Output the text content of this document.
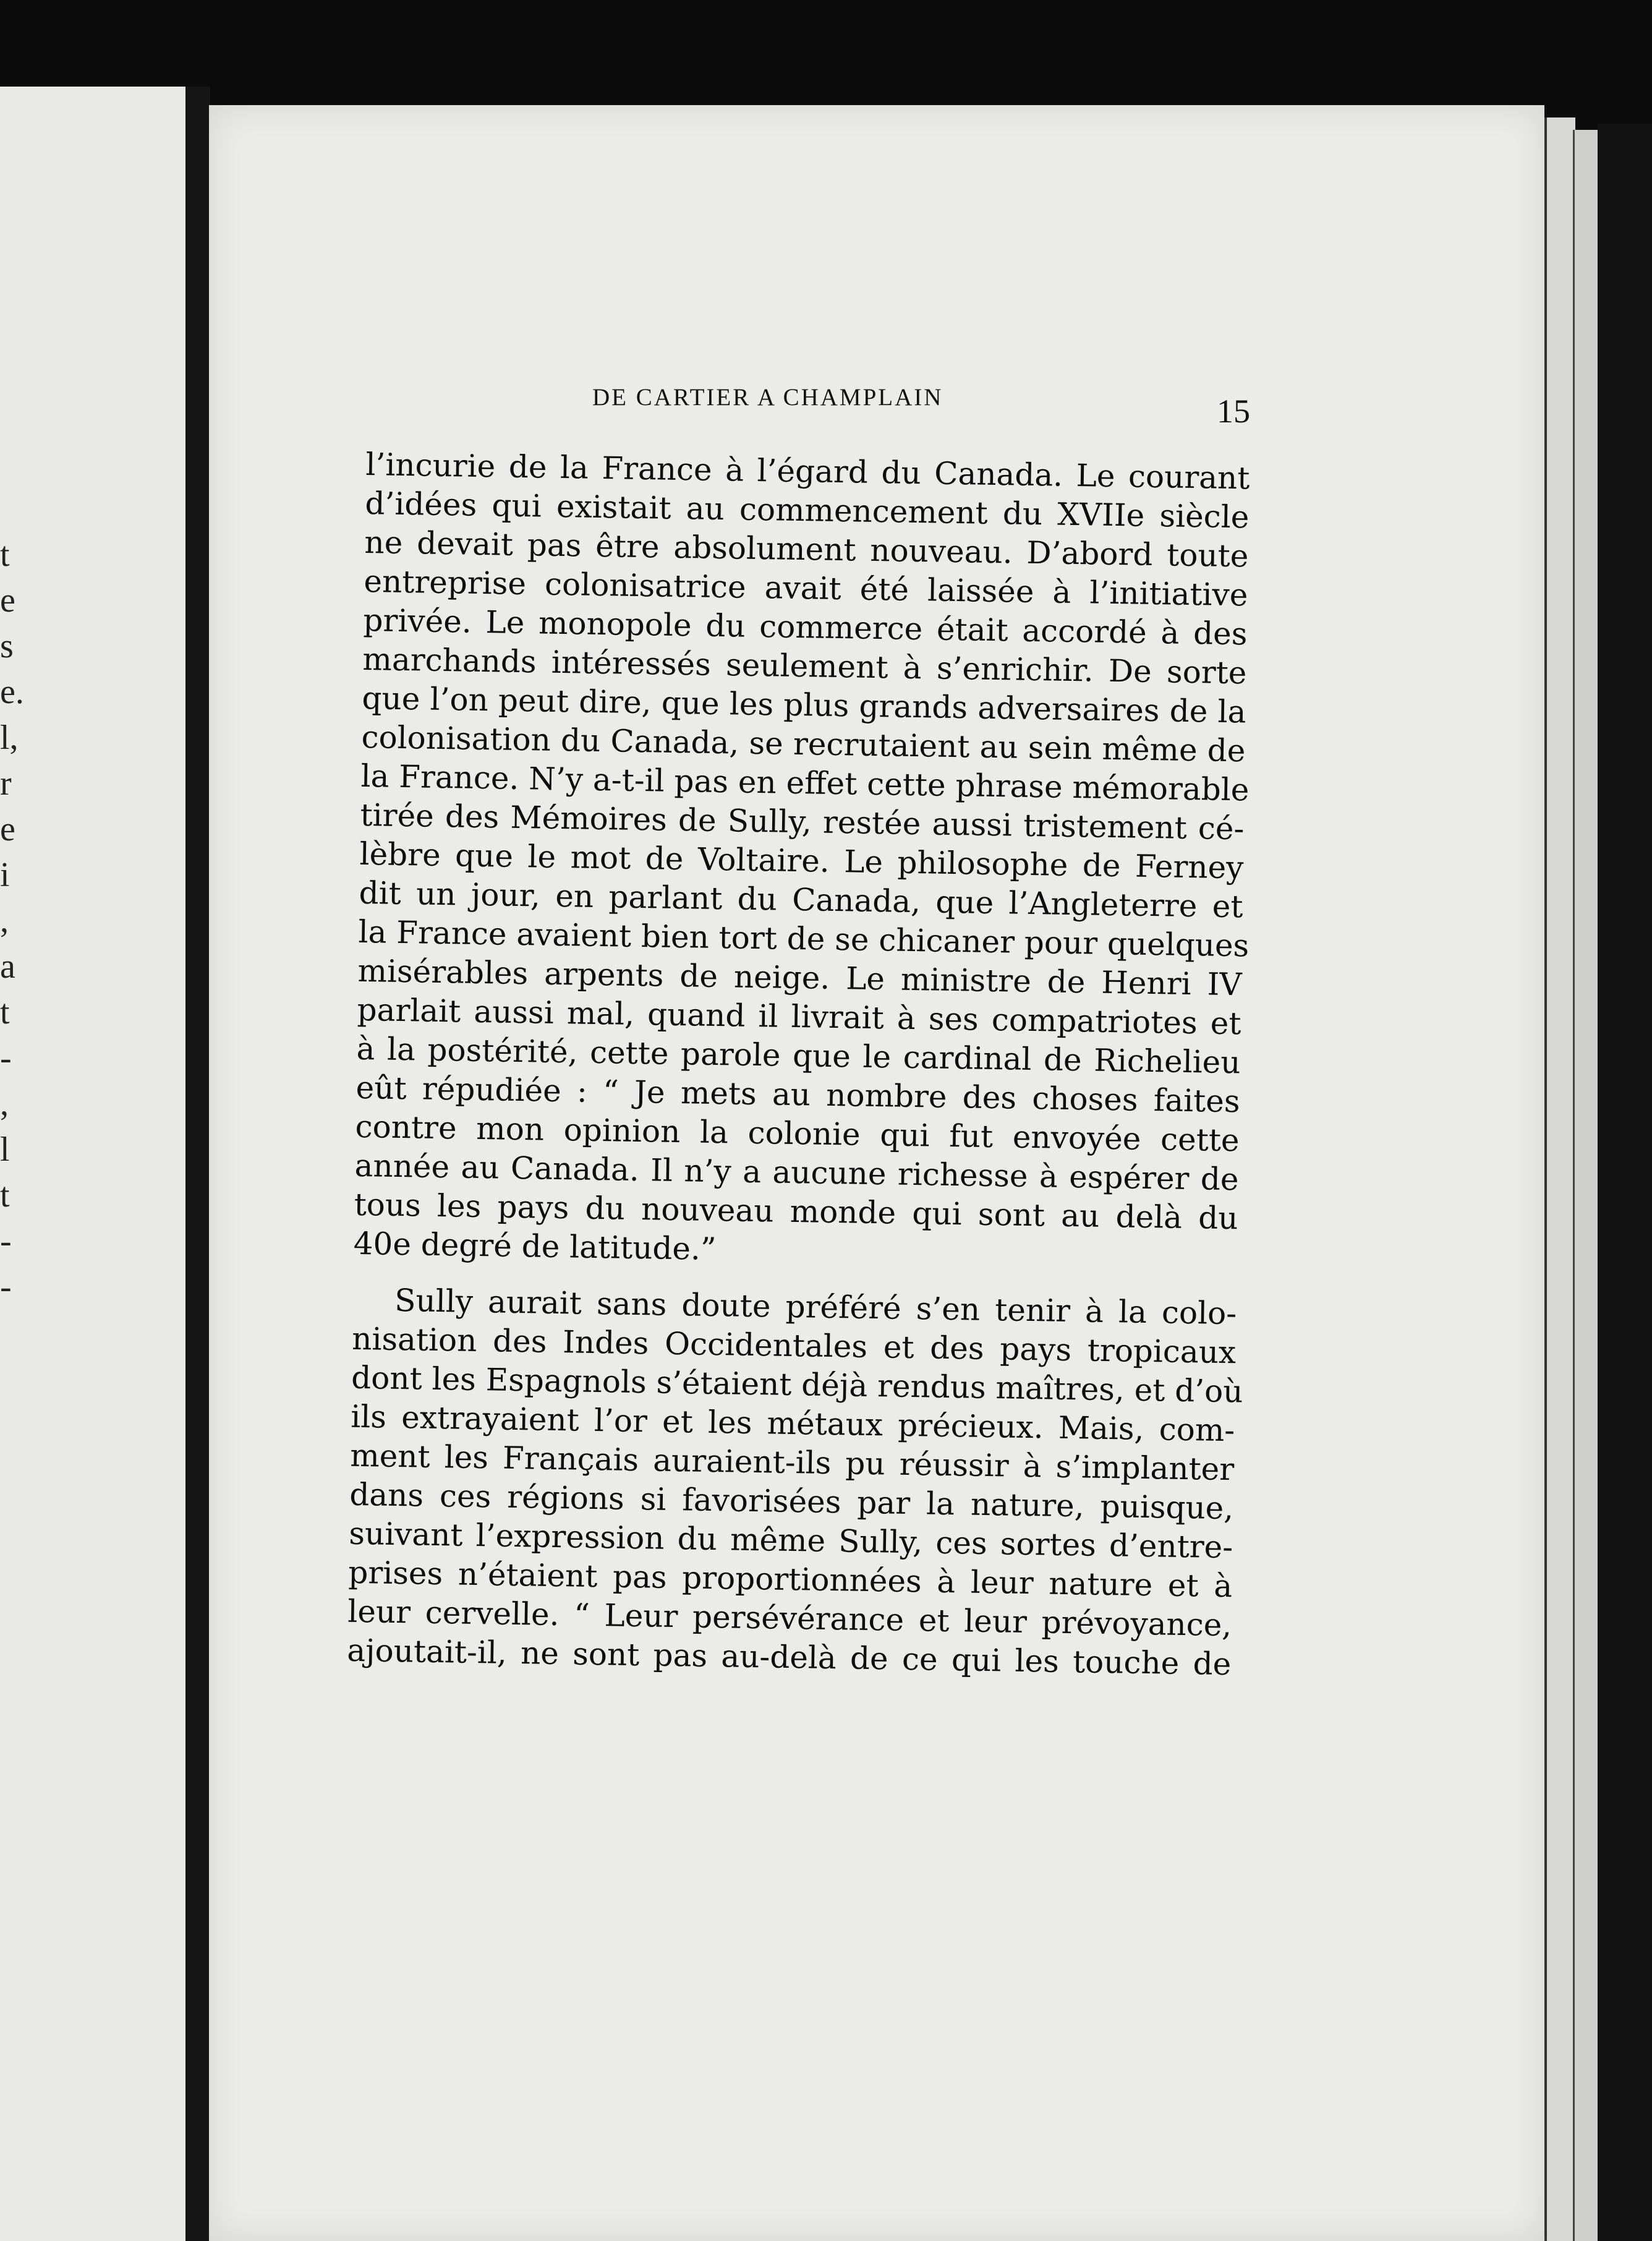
t
e
s
e.
l,
r
e
i
,
a
t
-
,
l
t
-
-
DE CARTIER A CHAMPLAIN	15
l’incurie de la France à l’égard du Canada. Le courant
d’idées qui existait au commencement du XVIIe siècle
ne devait pas être absolument nouveau. D’abord toute
entreprise colonisatrice avait été laissée à l’initiative
privée. Le monopole du commerce était accordé à des
marchands intéressés seulement à s’enrichir. De sorte
que l’on peut dire, que les plus grands adversaires de la
colonisation du Canada, se recrutaient au sein même de
la France. N’y a-t-il pas en effet cette phrase mémorable
tirée des Mémoires de Sully, restée aussi tristement cé-
lèbre que le mot de Voltaire. Le philosophe de Ferney
dit un jour, en parlant du Canada, que l’Angleterre et
la France avaient bien tort de se chicaner pour quelques
misérables arpents de neige. Le ministre de Henri IV
parlait aussi mal, quand il livrait à ses compatriotes et
à la postérité, cette parole que le cardinal de Richelieu
eût répudiée : “ Je mets au nombre des choses faites
contre mon opinion la colonie qui fut envoyée cette
année au Canada. Il n’y a aucune richesse à espérer de
tous les pays du nouveau monde qui sont au delà du
40e degré de latitude.”
Sully aurait sans doute préféré s’en tenir à la colo-
nisation des Indes Occidentales et des pays tropicaux
dont les Espagnols s’étaient déjà rendus maîtres, et d’où
ils extrayaient l’or et les métaux précieux. Mais, com-
ment les Français auraient-ils pu réussir à s’implanter
dans ces régions si favorisées par la nature, puisque,
suivant l’expression du même Sully, ces sortes d’entre-
prises n’étaient pas proportionnées à leur nature et à
leur cervelle. “ Leur persévérance et leur prévoyance,
ajoutait-il, ne sont pas au-delà de ce qui les touche de
